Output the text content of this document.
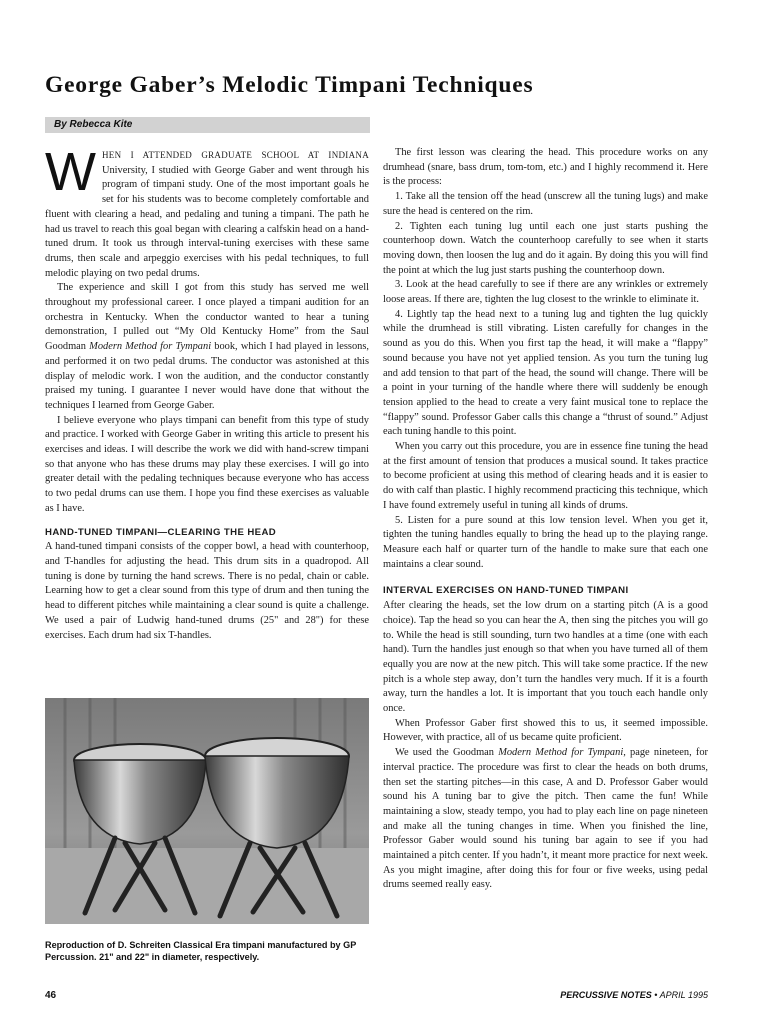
George Gaber’s Melodic Timpani Techniques
By Rebecca Kite

WHEN I ATTENDED GRADUATE SCHOOL AT INDIANA University, I studied with George Gaber and went through his program of timpani study. One of the most important goals he set for his students was to become completely comfortable and fluent with clearing a head, and pedaling and tuning a timpani. The path he had us travel to reach this goal began with clearing a calfskin head on a hand-tuned drum. It took us through interval-tuning exercises with these same drums, then scale and arpeggio exercises with his pedal techniques, to full melodic playing on two pedal drums.

The experience and skill I got from this study has served me well throughout my professional career. I once played a timpani audition for an orchestra in Kentucky. When the conductor wanted to hear a tuning demonstration, I pulled out “My Old Kentucky Home” from the Saul Goodman Modern Method for Tympani book, which I had played in lessons, and performed it on two pedal drums. The conductor was astonished at this display of melodic work. I won the audition, and the conductor constantly praised my tuning. I guarantee I never would have done that without the techniques I learned from George Gaber.

I believe everyone who plays timpani can benefit from this type of study and practice. I worked with George Gaber in writing this article to present his exercises and ideas. I will describe the work we did with hand-screw timpani so that anyone who has these drums may play these exercises. I will go into greater detail with the pedaling techniques because everyone who has access to two pedal drums can use them. I hope you find these exercises as valuable as I have.

HAND-TUNED TIMPANI—CLEARING THE HEAD

A hand-tuned timpani consists of the copper bowl, a head with counterhoop, and T-handles for adjusting the head. This drum sits in a quadropod. All tuning is done by turning the hand screws. There is no pedal, chain or cable. Learning how to get a clear sound from this type of drum and then tuning the head to different pitches while maintaining a clear sound is quite a challenge. We used a pair of Ludwig hand-tuned drums (25" and 28") for these exercises. Each drum had six T-handles.

Reproduction of D. Schreiten Classical Era timpani manufactured by GP Percussion. 21" and 22" in diameter, respectively.

The first lesson was clearing the head. This procedure works on any drumhead (snare, bass drum, tom-tom, etc.) and I highly recommend it. Here is the process:

1. Take all the tension off the head (unscrew all the tuning lugs) and make sure the head is centered on the rim.

2. Tighten each tuning lug until each one just starts pushing the counterhoop down. Watch the counterhoop carefully to see when it starts moving down, then loosen the lug and do it again. By doing this you will find the point at which the lug just starts pushing the counterhoop down.

3. Look at the head carefully to see if there are any wrinkles or extremely loose areas. If there are, tighten the lug closest to the wrinkle to eliminate it.

4. Lightly tap the head next to a tuning lug and tighten the lug quickly while the drumhead is still vibrating. Listen carefully for changes in the sound as you do this. When you first tap the head, it will make a “flappy” sound because you have not yet applied tension. As you turn the tuning lug and add tension to that part of the head, the sound will change. There will be a point in your turning of the handle where there will suddenly be enough tension applied to the head to create a very faint musical tone to replace the “flappy” sound. Professor Gaber calls this change a “thrust of sound.” Adjust each tuning handle to this point.

When you carry out this procedure, you are in essence fine tuning the head at the first amount of tension that produces a musical sound. It takes practice to become proficient at using this method of clearing heads and it is easier to do with calf than plastic. I highly recommend practicing this technique, which I have found extremely useful in tuning all kinds of drums.

5. Listen for a pure sound at this low tension level. When you get it, tighten the tuning handles equally to bring the head up to the playing range. Measure each half or quarter turn of the handle to make sure that each one maintains a clear sound.

INTERVAL EXERCISES ON HAND-TUNED TIMPANI

After clearing the heads, set the low drum on a starting pitch (A is a good choice). Tap the head so you can hear the A, then sing the pitches you will go to. While the head is still sounding, turn two handles at a time (one with each hand). Turn the handles just enough so that when you have turned all of them equally you are now at the new pitch. This will take some practice. If the new pitch is a whole step away, don’t turn the handles very much. If it is a fourth away, turn the handles a lot. It is important that you touch each handle only once.

When Professor Gaber first showed this to us, it seemed impossible. However, with practice, all of us became quite proficient.

We used the Goodman Modern Method for Tympani, page nineteen, for interval practice. The procedure was first to clear the heads on both drums, then set the starting pitches—in this case, A and D. Professor Gaber would sound his A tuning bar to give the pitch. Then came the fun! While maintaining a slow, steady tempo, you had to play each line on page nineteen and make all the tuning changes in time. When you finished the line, Professor Gaber would sound his tuning bar again to see if you had maintained a pitch center. If you hadn’t, it meant more practice for next week. As you might imagine, after doing this for four or five weeks, using pedal drums seemed really easy.

46	PERCUSSIVE NOTES • APRIL 1995
